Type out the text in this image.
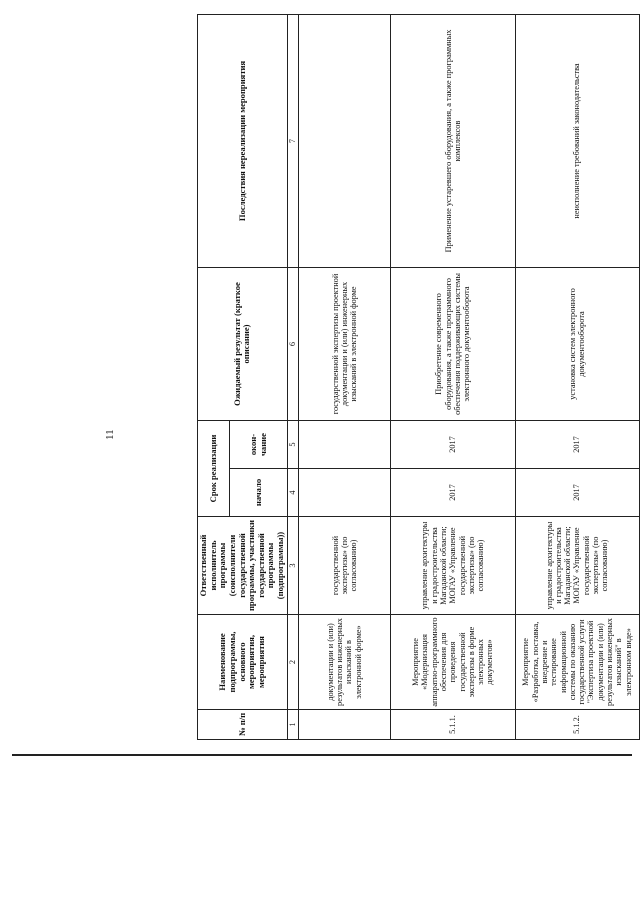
11
№ п/п	Наименование подпрограммы, основного мероприятия, мероприятия	Ответственный исполнитель программы (соисполнители государственной программы, участники государственной программы (подпрограммы))	Срок реализации		Ожидаемый результат (краткое описание)	Последствия нереализации мероприятия
			начало	окон-чание		
1	2	3	4	5	6	7
	документации и (или) результатов инженерных изысканий в электронной форме»	государственной экспертизы» (по согласованию)			государственной экспертизы проектной документации и (или) инженерных изысканий в электронной форме	
5.1.1.	Мероприятие «Модернизация аппаратно-программного обеспечения для проведения государственной экспертизы в форме электронных документов»	управление архитектуры и градостроительства Магаданской области; МОГАУ «Управление государственной экспертизы» (по согласованию)	2017	2017	Приобретение современного оборудования, а также программного обеспечения поддерживающих системы электронного документооборота	Применение устаревшего оборудования, а также программных комплексов
5.1.2.	Мероприятие «Разработка, поставка, внедрение и тестирование информационной системы по оказанию государственной услуги "Экспертиза проектной документации и (или) результатов инженерных изысканий" в электронном виде»	управление архитектуры и градостроительства Магаданской области; МОГАУ «Управление государственной экспертизы» (по согласованию)	2017	2017	установка систем электронного документооборота	неисполнение требований законодательства
